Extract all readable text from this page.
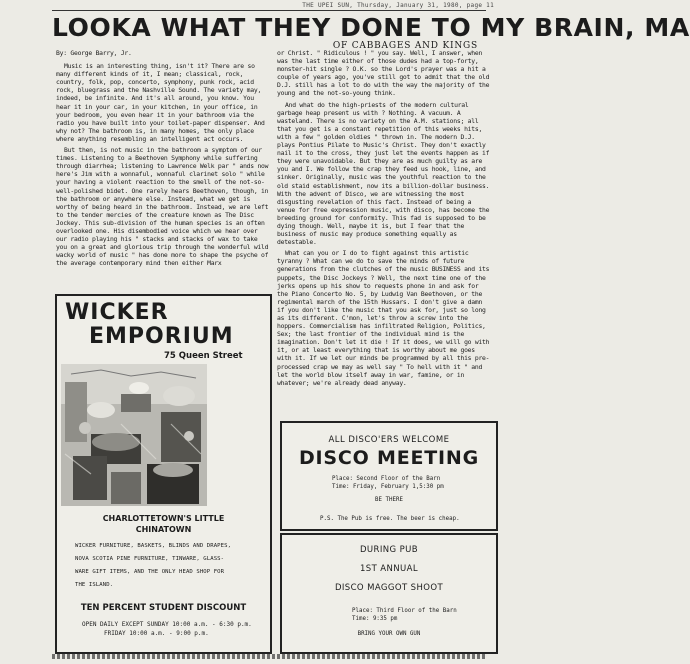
THE UPEI SUN, Thursday, January 31, 1980, page 11
LOOKA WHAT THEY DONE TO MY BRAIN, MA
OF CABBAGES AND KINGS

By: George Barry, Jr.

Music is an interesting thing, isn't it? There are so many different kinds of it, I mean; classical, rock, country, folk, pop, concerto, symphony, punk rock, acid rock, bluegrass and the Nashville Sound. The variety may, indeed, be infinite. And it's all around, you know. You hear it in your car, in your kitchen, in your office, in your bedroom, you even hear it in your bathroom via the radio you have built into your toilet-paper dispenser. And why not? The bathroom is, in many homes, the only place where anything resembling an intelligent act occurs.

But then, is not music in the bathroom a symptom of our times. Listening to a Beethoven Symphony while suffering through diarrhea; listening to Lawrence Welk par " ands now here's Jim with a wonnaful, wonnaful clarinet solo " while your having a violent reaction to the smell of the not-so-well-polished bidet. One rarely hears Beethoven, though, in the bathroom or anywhere else. Instead, what we get is worthy of being heard in the bathroom. Instead, we are left to the tender mercies of the creature known as The Disc Jockey. This sub-division of the human species is an often overlooked one. His disembodied voice which we hear over our radio playing his " stacks and stacks of wax to take you on a great and glorious trip through the wonderful wild wacky world of music " has done more to shape the psyche of the average contemporary mind then either Marx

or Christ. " Ridiculous ! " you say. Well, I answer, when was the last time either of those dudes had a top-forty, monster-hit single ? O.K. so the Lord's prayer was a hit a couple of years ago, you've still got to admit that the old D.J. still has a lot to do with the way the majority of the young and the not-so-young think.

And what do the high-priests of the modern cultural garbage heap present us with ? Nothing. A vacuum. A wasteland. There is no variety on the A.M. stations; all that you get is a constant repetition of this weeks hits, with a few " golden oldies " thrown in. The modern D.J. plays Pontius Pilate to Music's Christ. They don't exactly nail it to the cross, they just let the events happen as if they were unavoidable. But they are as much guilty as are you and I. We follow the crap they feed us hook, line, and sinker. Originally, music was the youthful reaction to the old staid establishment, now its a billion-dollar business. With the advent of Disco, we are witnessing the most disgusting revelation of this fact. Instead of being a venue for free expression music, with disco, has become the breeding ground for conformity. This fad is supposed to be dying though. Well, maybe it is, but I fear that the business of music may produce something equally as detestable.

What can you or I do to fight against this artistic tyranny ? What can we do to save the minds of future generations from the clutches of the music BUSINESS and its puppets, the Disc Jockeys ? Well, the next time one of the jerks opens up his show to requests phone in and ask for the Piano Concerto No. 5, by Ludwig Van Beethoven, or the regimental march of the 15th Hussars. I don't give a damn if you don't like the music that you ask for, just so long as its different. C'mon, let's throw a screw into the hoppers. Commercialism has infiltrated Religion, Politics, Sex; the last frontier of the individual mind is the imagination. Don't let it die ! If it does, we will go with it, or at least everything that is worthy about me goes with it. If we let our minds be programmed by all this pre-processed crap we may as well say " To hell with it " and let the world blow itself away in war, famine, or in whatever; we're already dead anyway.

WICKER
EMPORIUM
75 Queen Street
CHARLOTTETOWN'S LITTLE
CHINATOWN
WICKER FURNITURE, BASKETS, BLINDS AND DRAPES,
NOVA SCOTIA PINE FURNITURE, TINWARE, GLASS-
WARE GIFT ITEMS, AND THE ONLY HEAD SHOP FOR
THE ISLAND.
TEN PERCENT STUDENT DISCOUNT
OPEN DAILY EXCEPT SUNDAY 10:00 a.m. - 6:30 p.m.
FRIDAY 10:00 a.m. - 9:00 p.m.
ALL DISCO'ERS WELCOME
DISCO MEETING
Place: Second Floor of the Barn
Time: Friday, February 1,5:30 pm
BE THERE
P.S. The Pub is free. The beer is cheap.
DURING PUB
1ST ANNUAL
DISCO MAGGOT SHOOT
Place: Third Floor of the Barn
Time: 9:35 pm
BRING YOUR OWN GUN
